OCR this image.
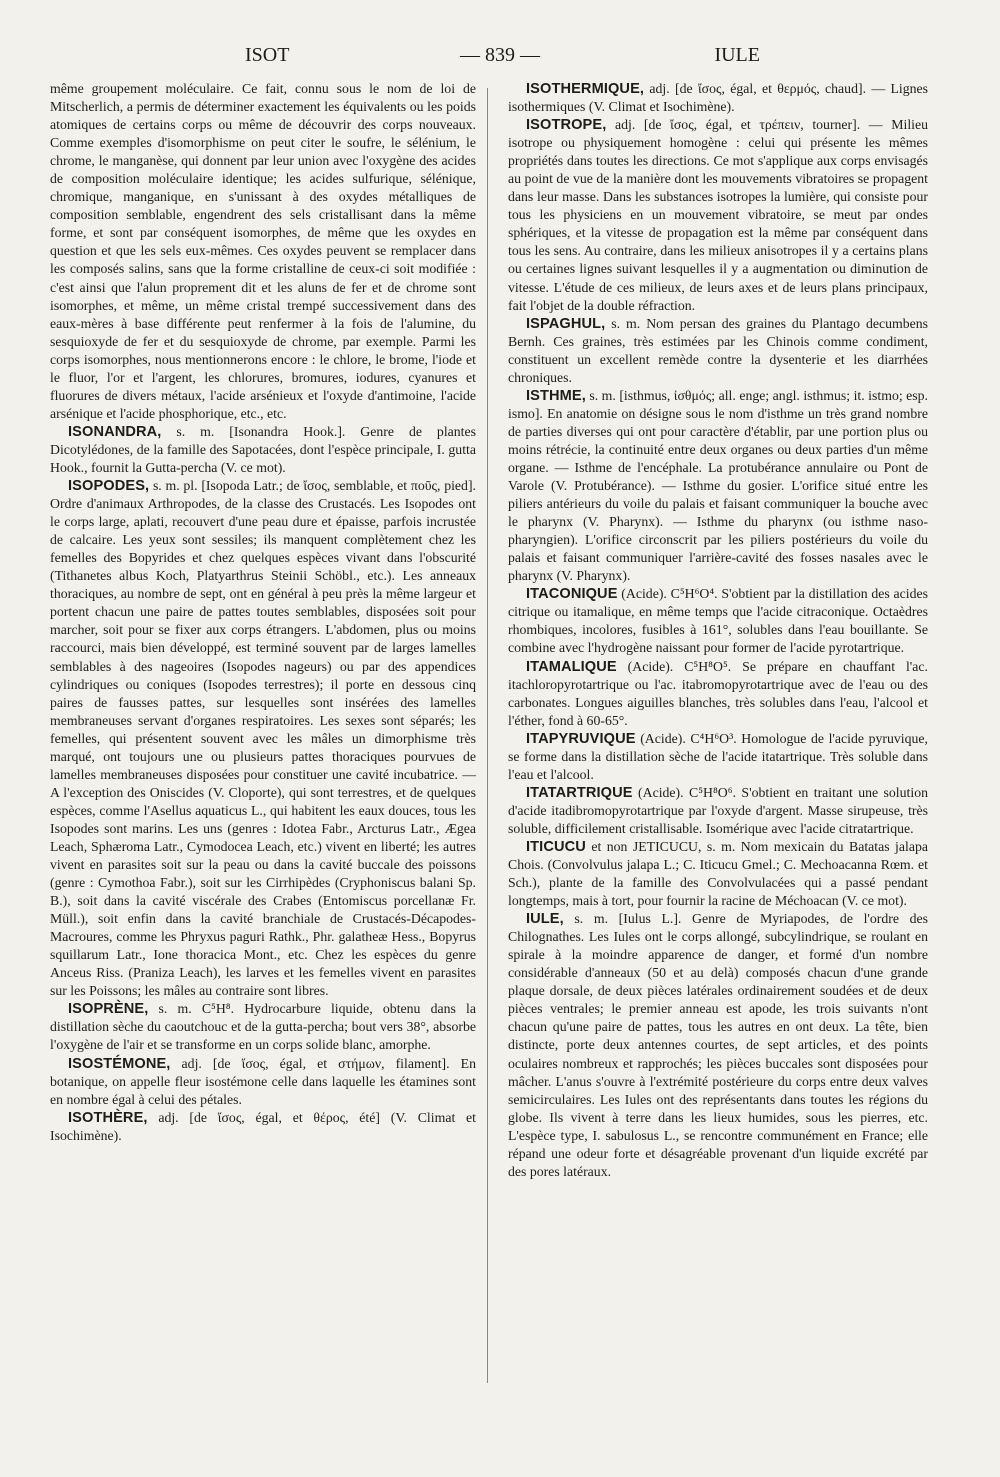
ISOT	— 839 —	IULE

même groupement moléculaire. Ce fait, connu sous le nom de loi de Mitscherlich, a permis de déterminer exactement les équivalents ou les poids atomiques de certains corps ou même de découvrir des corps nouveaux. Comme exemples d'isomorphisme on peut citer le soufre, le sélénium, le chrome, le manganèse, qui donnent par leur union avec l'oxygène des acides de composition moléculaire identique; les acides sulfurique, sélénique, chromique, manganique, en s'unissant à des oxydes métalliques de composition semblable, engendrent des sels cristallisant dans la même forme, et sont par conséquent isomorphes, de même que les oxydes en question et que les sels eux-mêmes. Ces oxydes peuvent se remplacer dans les composés salins, sans que la forme cristalline de ceux-ci soit modifiée : c'est ainsi que l'alun proprement dit et les aluns de fer et de chrome sont isomorphes, et même, un même cristal trempé successivement dans des eaux-mères à base différente peut renfermer à la fois de l'alumine, du sesquioxyde de fer et du sesquioxyde de chrome, par exemple. Parmi les corps isomorphes, nous mentionnerons encore : le chlore, le brome, l'iode et le fluor, l'or et l'argent, les chlorures, bromures, iodures, cyanures et fluorures de divers métaux, l'acide arsénieux et l'oxyde d'antimoine, l'acide arsénique et l'acide phosphorique, etc., etc.

ISONANDRA, s. m. [Isonandra Hook.]. Genre de plantes Dicotylédones, de la famille des Sapotacées, dont l'espèce principale, I. gutta Hook., fournit la Gutta-percha (V. ce mot).

ISOPODES, s. m. pl. [Isopoda Latr.; de ἴσος, semblable, et ποῦς, pied]. Ordre d'animaux Arthropodes, de la classe des Crustacés. Les Isopodes ont le corps large, aplati, recouvert d'une peau dure et épaisse, parfois incrustée de calcaire. Les yeux sont sessiles; ils manquent complètement chez les femelles des Bopyrides et chez quelques espèces vivant dans l'obscurité (Tithanetes albus Koch, Platyarthrus Steinii Schöbl., etc.). Les anneaux thoraciques, au nombre de sept, ont en général à peu près la même largeur et portent chacun une paire de pattes toutes semblables, disposées soit pour marcher, soit pour se fixer aux corps étrangers. L'abdomen, plus ou moins raccourci, mais bien développé, est terminé souvent par de larges lamelles semblables à des nageoires (Isopodes nageurs) ou par des appendices cylindriques ou coniques (Isopodes terrestres); il porte en dessous cinq paires de fausses pattes, sur lesquelles sont insérées des lamelles membraneuses servant d'organes respiratoires. Les sexes sont séparés; les femelles, qui présentent souvent avec les mâles un dimorphisme très marqué, ont toujours une ou plusieurs pattes thoraciques pourvues de lamelles membraneuses disposées pour constituer une cavité incubatrice. — A l'exception des Oniscides (V. Cloporte), qui sont terrestres, et de quelques espèces, comme l'Asellus aquaticus L., qui habitent les eaux douces, tous les Isopodes sont marins. Les uns (genres : Idotea Fabr., Arcturus Latr., Ægea Leach, Sphæroma Latr., Cymodocea Leach, etc.) vivent en liberté; les autres vivent en parasites soit sur la peau ou dans la cavité buccale des poissons (genre : Cymothoa Fabr.), soit sur les Cirrhipèdes (Cryphoniscus balani Sp. B.), soit dans la cavité viscérale des Crabes (Entomiscus porcellanæ Fr. Müll.), soit enfin dans la cavité branchiale de Crustacés-Décapodes-Macroures, comme les Phryxus paguri Rathk., Phr. galatheæ Hess., Bopyrus squillarum Latr., Ione thoracica Mont., etc. Chez les espèces du genre Anceus Riss. (Praniza Leach), les larves et les femelles vivent en parasites sur les Poissons; les mâles au contraire sont libres.

ISOPRÈNE, s. m. C⁵H⁸. Hydrocarbure liquide, obtenu dans la distillation sèche du caoutchouc et de la gutta-percha; bout vers 38°, absorbe l'oxygène de l'air et se transforme en un corps solide blanc, amorphe.

ISOSTÉMONE, adj. [de ἴσος, égal, et στήμων, filament]. En botanique, on appelle fleur isostémone celle dans laquelle les étamines sont en nombre égal à celui des pétales.

ISOTHÈRE, adj. [de ἴσος, égal, et θέρος, été] (V. Climat et Isochimène).

ISOTHERMIQUE, adj. [de ἴσος, égal, et θερμός, chaud]. — Lignes isothermiques (V. Climat et Isochimène).

ISOTROPE, adj. [de ἴσος, égal, et τρέπειν, tourner]. — Milieu isotrope ou physiquement homogène : celui qui présente les mêmes propriétés dans toutes les directions. Ce mot s'applique aux corps envisagés au point de vue de la manière dont les mouvements vibratoires se propagent dans leur masse. Dans les substances isotropes la lumière, qui consiste pour tous les physiciens en un mouvement vibratoire, se meut par ondes sphériques, et la vitesse de propagation est la même par conséquent dans tous les sens. Au contraire, dans les milieux anisotropes il y a certains plans ou certaines lignes suivant lesquelles il y a augmentation ou diminution de vitesse. L'étude de ces milieux, de leurs axes et de leurs plans principaux, fait l'objet de la double réfraction.

ISPAGHUL, s. m. Nom persan des graines du Plantago decumbens Bernh. Ces graines, très estimées par les Chinois comme condiment, constituent un excellent remède contre la dysenterie et les diarrhées chroniques.

ISTHME, s. m. [isthmus, ἰσθμός; all. enge; angl. isthmus; it. istmo; esp. ismo]. En anatomie on désigne sous le nom d'isthme un très grand nombre de parties diverses qui ont pour caractère d'établir, par une portion plus ou moins rétrécie, la continuité entre deux organes ou deux parties d'un même organe. — Isthme de l'encéphale. La protubérance annulaire ou Pont de Varole (V. Protubérance). — Isthme du gosier. L'orifice situé entre les piliers antérieurs du voile du palais et faisant communiquer la bouche avec le pharynx (V. Pharynx). — Isthme du pharynx (ou isthme naso-pharyngien). L'orifice circonscrit par les piliers postérieurs du voile du palais et faisant communiquer l'arrière-cavité des fosses nasales avec le pharynx (V. Pharynx).

ITACONIQUE (Acide). C⁵H⁶O⁴. S'obtient par la distillation des acides citrique ou itamalique, en même temps que l'acide citraconique. Octaèdres rhombiques, incolores, fusibles à 161°, solubles dans l'eau bouillante. Se combine avec l'hydrogène naissant pour former de l'acide pyrotartrique.

ITAMALIQUE (Acide). C⁵H⁸O⁵. Se prépare en chauffant l'ac. itachloropyrotartrique ou l'ac. itabromopyrotartrique avec de l'eau ou des carbonates. Longues aiguilles blanches, très solubles dans l'eau, l'alcool et l'éther, fond à 60-65°.

ITAPYRUVIQUE (Acide). C⁴H⁶O³. Homologue de l'acide pyruvique, se forme dans la distillation sèche de l'acide itatartrique. Très soluble dans l'eau et l'alcool.

ITATARTRIQUE (Acide). C⁵H⁸O⁶. S'obtient en traitant une solution d'acide itadibromopyrotartrique par l'oxyde d'argent. Masse sirupeuse, très soluble, difficilement cristallisable. Isomérique avec l'acide citratartrique.

ITICUCU et non JETICUCU, s. m. Nom mexicain du Batatas jalapa Chois. (Convolvulus jalapa L.; C. Iticucu Gmel.; C. Mechoacanna Rœm. et Sch.), plante de la famille des Convolvulacées qui a passé pendant longtemps, mais à tort, pour fournir la racine de Méchoacan (V. ce mot).

IULE, s. m. [Iulus L.]. Genre de Myriapodes, de l'ordre des Chilognathes. Les Iules ont le corps allongé, subcylindrique, se roulant en spirale à la moindre apparence de danger, et formé d'un nombre considérable d'anneaux (50 et au delà) composés chacun d'une grande plaque dorsale, de deux pièces latérales ordinairement soudées et de deux pièces ventrales; le premier anneau est apode, les trois suivants n'ont chacun qu'une paire de pattes, tous les autres en ont deux. La tête, bien distincte, porte deux antennes courtes, de sept articles, et des points oculaires nombreux et rapprochés; les pièces buccales sont disposées pour mâcher. L'anus s'ouvre à l'extrémité postérieure du corps entre deux valves semicirculaires. Les Iules ont des représentants dans toutes les régions du globe. Ils vivent à terre dans les lieux humides, sous les pierres, etc. L'espèce type, I. sabulosus L., se rencontre communément en France; elle répand une odeur forte et désagréable provenant d'un liquide excrété par des pores latéraux.
